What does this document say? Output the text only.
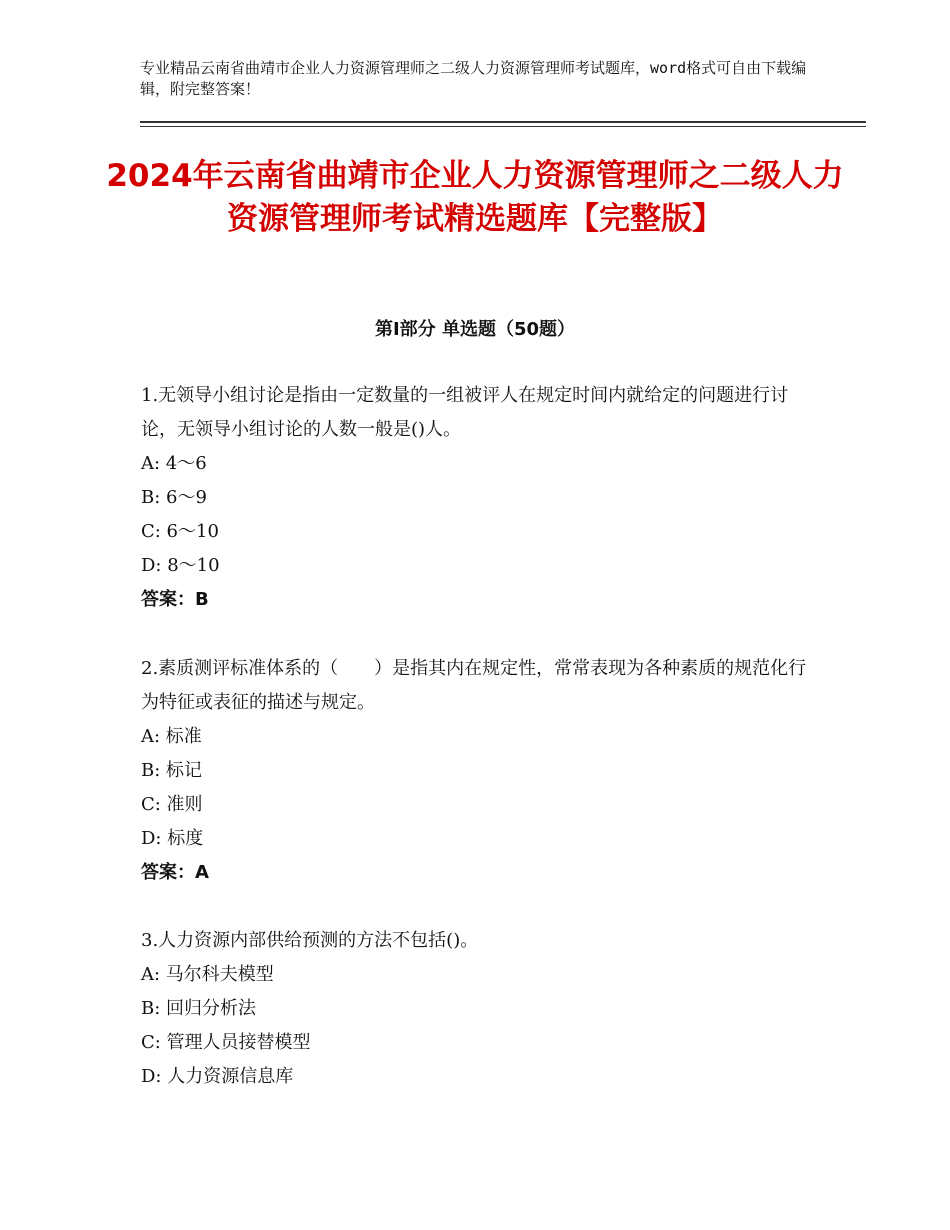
专业精品云南省曲靖市企业人力资源管理师之二级人力资源管理师考试题库，word格式可自由下载编辑，附完整答案！
2024年云南省曲靖市企业人力资源管理师之二级人力资源管理师考试精选题库【完整版】
第Ⅰ部分 单选题（50题）

1.无领导小组讨论是指由一定数量的一组被评人在规定时间内就给定的问题进行讨论，无领导小组讨论的人数一般是()人。

A: 4～6

B: 6～9

C: 6～10

D: 8～10

答案：B

2.素质测评标准体系的（　　）是指其内在规定性，常常表现为各种素质的规范化行为特征或表征的描述与规定。

A: 标准

B: 标记

C: 准则

D: 标度

答案：A

3.人力资源内部供给预测的方法不包括()。

A: 马尔科夫模型

B: 回归分析法

C: 管理人员接替模型

D: 人力资源信息库
